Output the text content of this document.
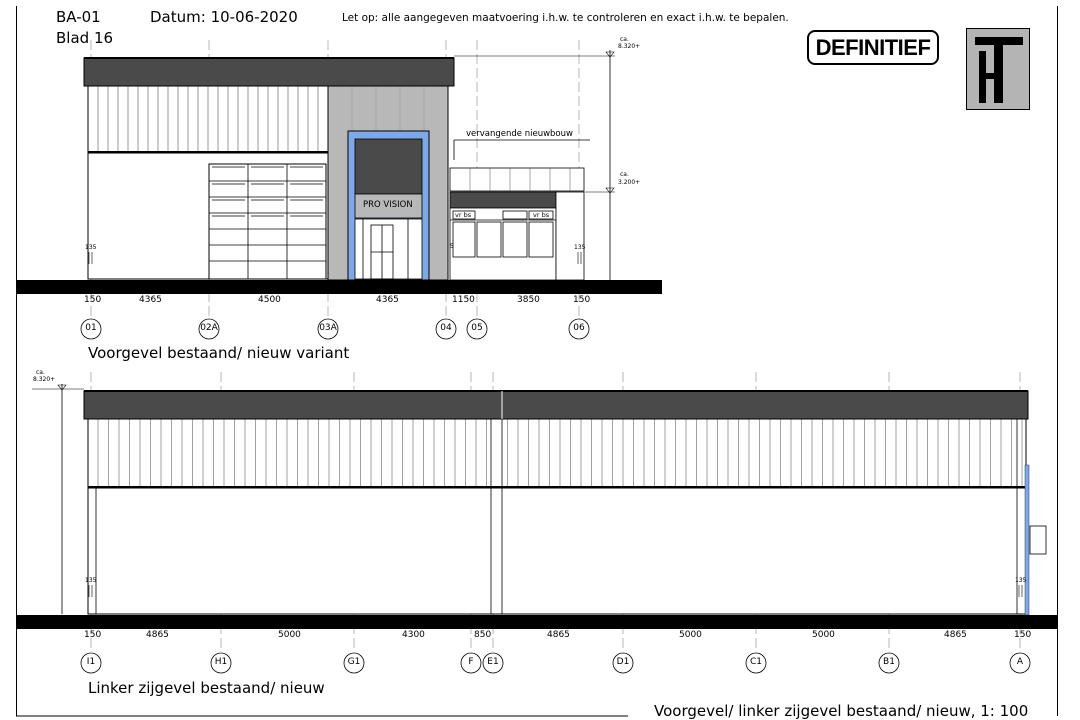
BA-01
Blad 16
Datum: 10-06-2020	Let op: alle aangegeven maatvoering i.h.w. te controleren en exact i.h.w. te bepalen.
DEFINITIEF
vervangende nieuwbouw
PRO VISION
vr bs	vr bs
ca.
8.320+
ca.
3.200+
135	135
5
150	4365	4500	4365	1150	3850	150
01	02A	03A	04 05	06
Voorgevel bestaand/ nieuw variant
ca.
8.320+
135	135
150	4865	5000	4300	850	4865	5000	5000	4865	150
I1	H1	G1	F	E1	D1	C1	B1	A
Linker zijgevel bestaand/ nieuw
Voorgevel/ linker zijgevel bestaand/ nieuw, 1: 100
